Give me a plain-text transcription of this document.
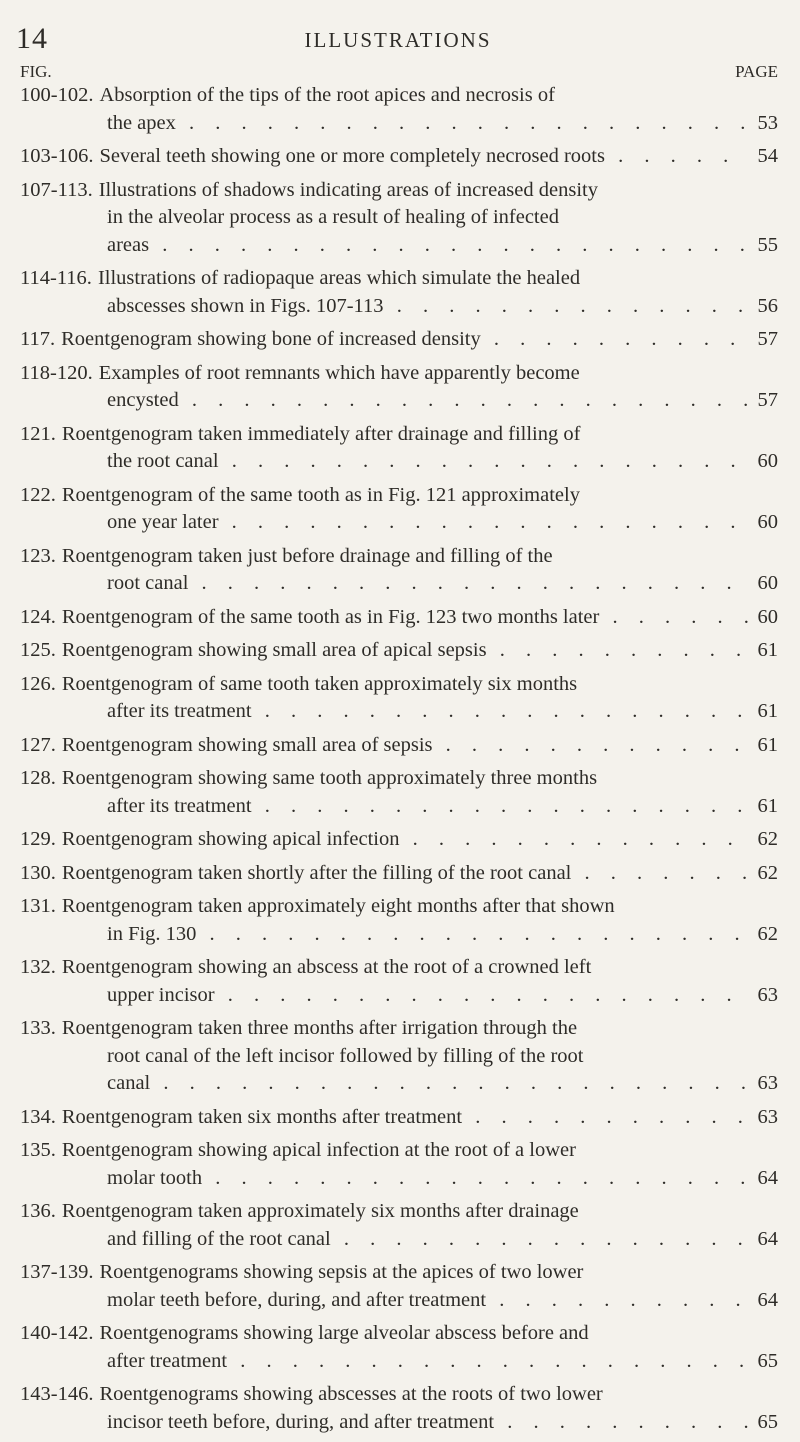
14	ILLUSTRATIONS
FIG.	PAGE
100-102. Absorption of the tips of the root apices and necrosis of
the apex	53
. . .
103-106. Several teeth showing one or more completely necrosed roots	54
. . .
107-113. Illustrations of shadows indicating areas of increased density
in the alveolar process as a result of healing of infected
areas	55
. . .
114-116. Illustrations of radiopaque areas which simulate the healed
abscesses shown in Figs. 107-113	56
. . .
117. Roentgenogram showing bone of increased density	57
. . .
118-120. Examples of root remnants which have apparently become
encysted	57
. . .
121. Roentgenogram taken immediately after drainage and filling of
the root canal	60
. . .
122. Roentgenogram of the same tooth as in Fig. 121 approximately
one year later	60
. . .
123. Roentgenogram taken just before drainage and filling of the
root canal	60
. . .
124. Roentgenogram of the same tooth as in Fig. 123 two months later	60
. . .
125. Roentgenogram showing small area of apical sepsis	61
. . .
126. Roentgenogram of same tooth taken approximately six months
after its treatment	61
. . .
127. Roentgenogram showing small area of sepsis	61
. . .
128. Roentgenogram showing same tooth approximately three months
after its treatment	61
. . .
129. Roentgenogram showing apical infection	62
. . .
130. Roentgenogram taken shortly after the filling of the root canal	62
. . .
131. Roentgenogram taken approximately eight months after that shown
in Fig. 130	62
. . .
132. Roentgenogram showing an abscess at the root of a crowned left
upper incisor	63
. . .
133. Roentgenogram taken three months after irrigation through the
root canal of the left incisor followed by filling of the root
canal	63
. . .
134. Roentgenogram taken six months after treatment	63
. . .
135. Roentgenogram showing apical infection at the root of a lower
molar tooth	64
. . .
136. Roentgenogram taken approximately six months after drainage
and filling of the root canal	64
. . .
137-139. Roentgenograms showing sepsis at the apices of two lower
molar teeth before, during, and after treatment	64
. . .
140-142. Roentgenograms showing large alveolar abscess before and
after treatment	65
. . .
143-146. Roentgenograms showing abscesses at the roots of two lower
incisor teeth before, during, and after treatment	65
. . .
